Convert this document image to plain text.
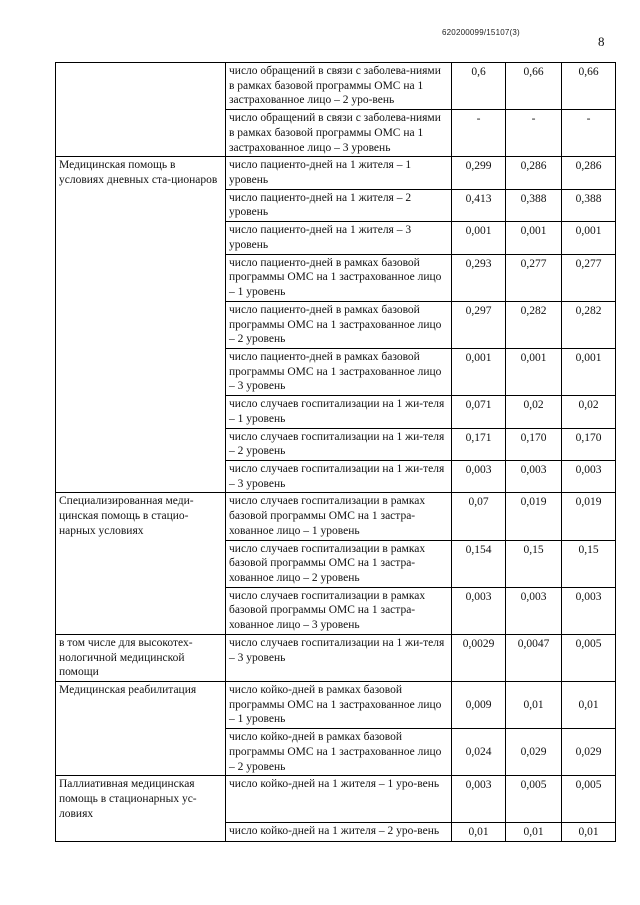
620200099/15107(3)
8
	число обращений в связи с заболева-ниями в рамках базовой программы ОМС на 1 застрахованное лицо – 2 уро-вень	0,6	0,66	0,66
	число обращений в связи с заболева-ниями в рамках базовой программы ОМС на 1 застрахованное лицо – 3 уровень	-	-	-
Медицинская помощь в условиях дневных ста-ционаров	число пациенто-дней на 1 жителя – 1 уровень	0,299	0,286	0,286
	число пациенто-дней на 1 жителя – 2 уровень	0,413	0,388	0,388
	число пациенто-дней на 1 жителя – 3 уровень	0,001	0,001	0,001
	число пациенто-дней в рамках базовой программы ОМС на 1 застрахованное лицо – 1 уровень	0,293	0,277	0,277
	число пациенто-дней в рамках базовой программы ОМС на 1 застрахованное лицо – 2 уровень	0,297	0,282	0,282
	число пациенто-дней в рамках базовой программы ОМС на 1 застрахованное лицо – 3 уровень	0,001	0,001	0,001
	число случаев госпитализации на 1 жи-теля – 1 уровень	0,071	0,02	0,02
	число случаев госпитализации на 1 жи-теля – 2 уровень	0,171	0,170	0,170
	число случаев госпитализации на 1 жи-теля – 3 уровень	0,003	0,003	0,003
Специализированная меди-цинская помощь в стацио-нарных условиях	число случаев госпитализации в рамках базовой программы ОМС на 1 застра-хованное лицо – 1 уровень	0,07	0,019	0,019
	число случаев госпитализации в рамках базовой программы ОМС на 1 застра-хованное лицо – 2 уровень	0,154	0,15	0,15
	число случаев госпитализации в рамках базовой программы ОМС на 1 застра-хованное лицо – 3 уровень	0,003	0,003	0,003
в том числе для высокотех-нологичной медицинской помощи	число случаев госпитализации на 1 жи-теля – 3 уровень	0,0029	0,0047	0,005
Медицинская реабилитация	число койко-дней в рамках базовой программы ОМС на 1 застрахованное лицо – 1 уровень	0,009	0,01	0,01
	число койко-дней в рамках базовой программы ОМС на 1 застрахованное лицо – 2 уровень	0,024	0,029	0,029
Паллиативная медицинская помощь в стационарных ус-ловиях	число койко-дней на 1 жителя – 1 уро-вень	0,003	0,005	0,005
	число койко-дней на 1 жителя – 2 уро-вень	0,01	0,01	0,01
